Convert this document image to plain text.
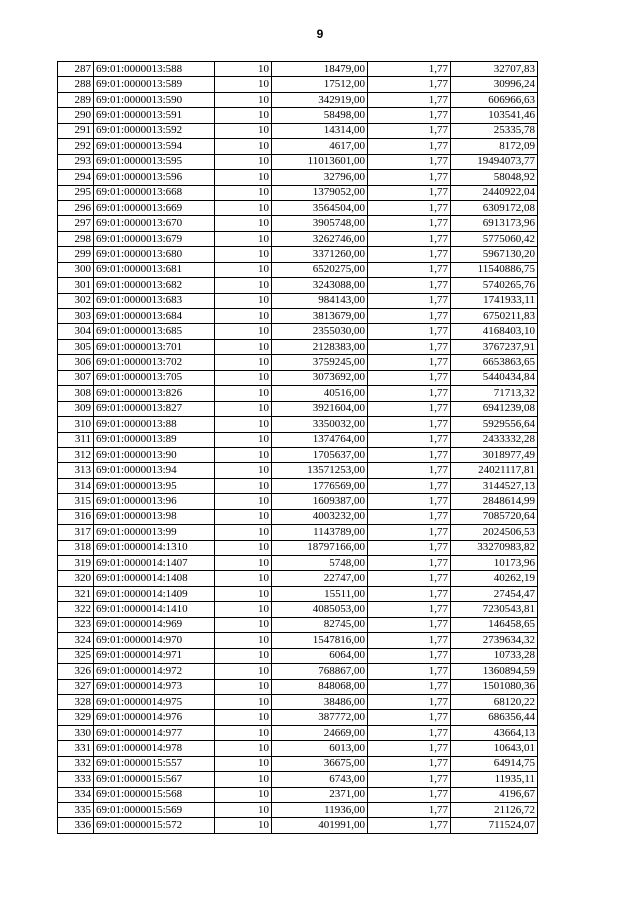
9
287	69:01:0000013:588	10	18479,00	1,77	32707,83
288	69:01:0000013:589	10	17512,00	1,77	30996,24
289	69:01:0000013:590	10	342919,00	1,77	606966,63
290	69:01:0000013:591	10	58498,00	1,77	103541,46
291	69:01:0000013:592	10	14314,00	1,77	25335,78
292	69:01:0000013:594	10	4617,00	1,77	8172,09
293	69:01:0000013:595	10	11013601,00	1,77	19494073,77
294	69:01:0000013:596	10	32796,00	1,77	58048,92
295	69:01:0000013:668	10	1379052,00	1,77	2440922,04
296	69:01:0000013:669	10	3564504,00	1,77	6309172,08
297	69:01:0000013:670	10	3905748,00	1,77	6913173,96
298	69:01:0000013:679	10	3262746,00	1,77	5775060,42
299	69:01:0000013:680	10	3371260,00	1,77	5967130,20
300	69:01:0000013:681	10	6520275,00	1,77	11540886,75
301	69:01:0000013:682	10	3243088,00	1,77	5740265,76
302	69:01:0000013:683	10	984143,00	1,77	1741933,11
303	69:01:0000013:684	10	3813679,00	1,77	6750211,83
304	69:01:0000013:685	10	2355030,00	1,77	4168403,10
305	69:01:0000013:701	10	2128383,00	1,77	3767237,91
306	69:01:0000013:702	10	3759245,00	1,77	6653863,65
307	69:01:0000013:705	10	3073692,00	1,77	5440434,84
308	69:01:0000013:826	10	40516,00	1,77	71713,32
309	69:01:0000013:827	10	3921604,00	1,77	6941239,08
310	69:01:0000013:88	10	3350032,00	1,77	5929556,64
311	69:01:0000013:89	10	1374764,00	1,77	2433332,28
312	69:01:0000013:90	10	1705637,00	1,77	3018977,49
313	69:01:0000013:94	10	13571253,00	1,77	24021117,81
314	69:01:0000013:95	10	1776569,00	1,77	3144527,13
315	69:01:0000013:96	10	1609387,00	1,77	2848614,99
316	69:01:0000013:98	10	4003232,00	1,77	7085720,64
317	69:01:0000013:99	10	1143789,00	1,77	2024506,53
318	69:01:0000014:1310	10	18797166,00	1,77	33270983,82
319	69:01:0000014:1407	10	5748,00	1,77	10173,96
320	69:01:0000014:1408	10	22747,00	1,77	40262,19
321	69:01:0000014:1409	10	15511,00	1,77	27454,47
322	69:01:0000014:1410	10	4085053,00	1,77	7230543,81
323	69:01:0000014:969	10	82745,00	1,77	146458,65
324	69:01:0000014:970	10	1547816,00	1,77	2739634,32
325	69:01:0000014:971	10	6064,00	1,77	10733,28
326	69:01:0000014:972	10	768867,00	1,77	1360894,59
327	69:01:0000014:973	10	848068,00	1,77	1501080,36
328	69:01:0000014:975	10	38486,00	1,77	68120,22
329	69:01:0000014:976	10	387772,00	1,77	686356,44
330	69:01:0000014:977	10	24669,00	1,77	43664,13
331	69:01:0000014:978	10	6013,00	1,77	10643,01
332	69:01:0000015:557	10	36675,00	1,77	64914,75
333	69:01:0000015:567	10	6743,00	1,77	11935,11
334	69:01:0000015:568	10	2371,00	1,77	4196,67
335	69:01:0000015:569	10	11936,00	1,77	21126,72
336	69:01:0000015:572	10	401991,00	1,77	711524,07
